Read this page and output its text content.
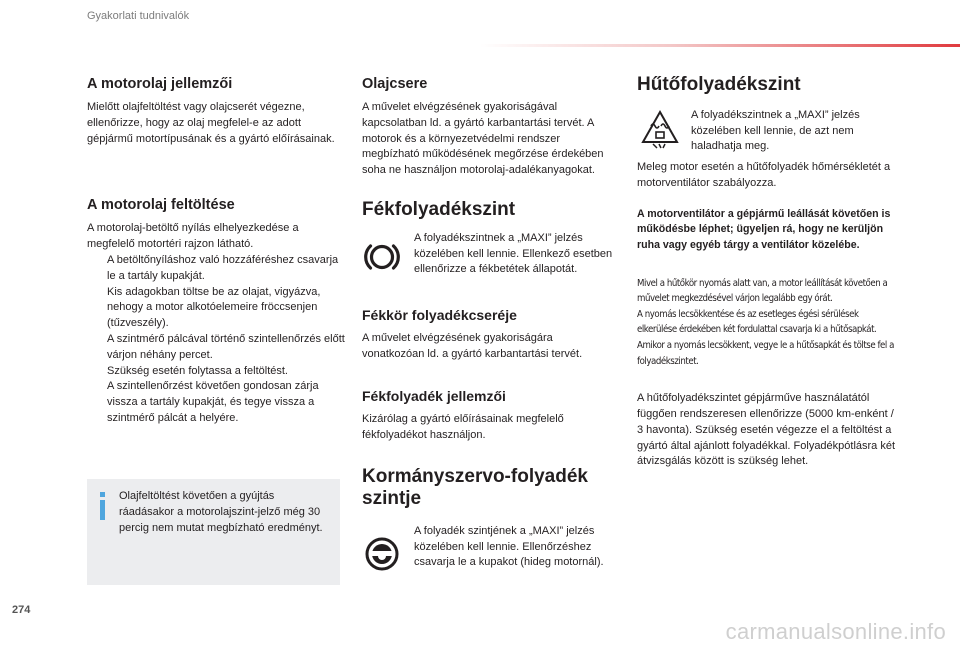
Gyakorlati tudnivalók
A motorolaj jellemzői

Mielőtt olajfeltöltést vagy olajcserét végezne, ellenőrizze, hogy az olaj megfelel-e az adott gépjármű motortípusának és a gyártó előírásainak.

A motorolaj feltöltése

A motorolaj-betöltő nyílás elhelyezkedése a megfelelő motortéri rajzon látható.

A betöltőnyíláshoz való hozzáféréshez csavarja le a tartály kupakját.
Kis adagokban töltse be az olajat, vigyázva, nehogy a motor alkotóelemeire fröccsenjen (tűzveszély).
A szintmérő pálcával történő szintellenőrzés előtt várjon néhány percet.
Szükség esetén folytassa a feltöltést.
A szintellenőrzést követően gondosan zárja vissza a tartály kupakját, és tegye vissza a szintmérő pálcát a helyére.
Olajfeltöltést követően a gyújtás ráadásakor a motorolajszint-jelző még 30 percig nem mutat megbízható eredményt.
Olajcsere

A művelet elvégzésének gyakoriságával kapcsolatban ld. a gyártó karbantartási tervét. A motorok és a környezetvédelmi rendszer megbízható működésének megőrzése érdekében soha ne használjon motorolaj-adalékanyagokat.

Fékfolyadékszint

A folyadékszintnek a „MAXI” jelzés közelében kell lennie. Ellenkező esetben ellenőrizze a fékbetétek állapotát.

Fékkör folyadékcseréje

A művelet elvégzésének gyakoriságára vonatkozóan ld. a gyártó karbantartási tervét.

Fékfolyadék jellemzői

Kizárólag a gyártó előírásainak megfelelő fékfolyadékot használjon.

Kormányszervo-folyadék szintje

A folyadék szintjének a „MAXI” jelzés közelében kell lennie. Ellenőrzéshez csavarja le a kupakot (hideg motornál).

Hűtőfolyadékszint

A folyadékszintnek a „MAXI” jelzés közelében kell lennie, de azt nem haladhatja meg.

Meleg motor esetén a hűtőfolyadék hőmérsékletét a motorventilátor szabályozza.

A motorventilátor a gépjármű leállását követően is működésbe léphet; ügyeljen rá, hogy ne kerüljön ruha vagy egyéb tárgy a ventilátor közelébe.

Mivel a hűtőkör nyomás alatt van, a motor leállítását követően a művelet megkezdésével várjon legalább egy órát.

A nyomás lecsökkentése és az esetleges égési sérülések elkerülése érdekében két fordulattal csavarja ki a hűtősapkát. Amikor a nyomás lecsökkent, vegye le a hűtősapkát és töltse fel a folyadékszintet.

A hűtőfolyadékszintet gépjárműve használatától függően rendszeresen ellenőrizze (5000 km-enként / 3 havonta). Szükség esetén végezze el a feltöltést a gyártó által ajánlott folyadékkal. Folyadékpótlásra két átvizsgálás között is szükség lehet.

274
carmanualsonline.info
